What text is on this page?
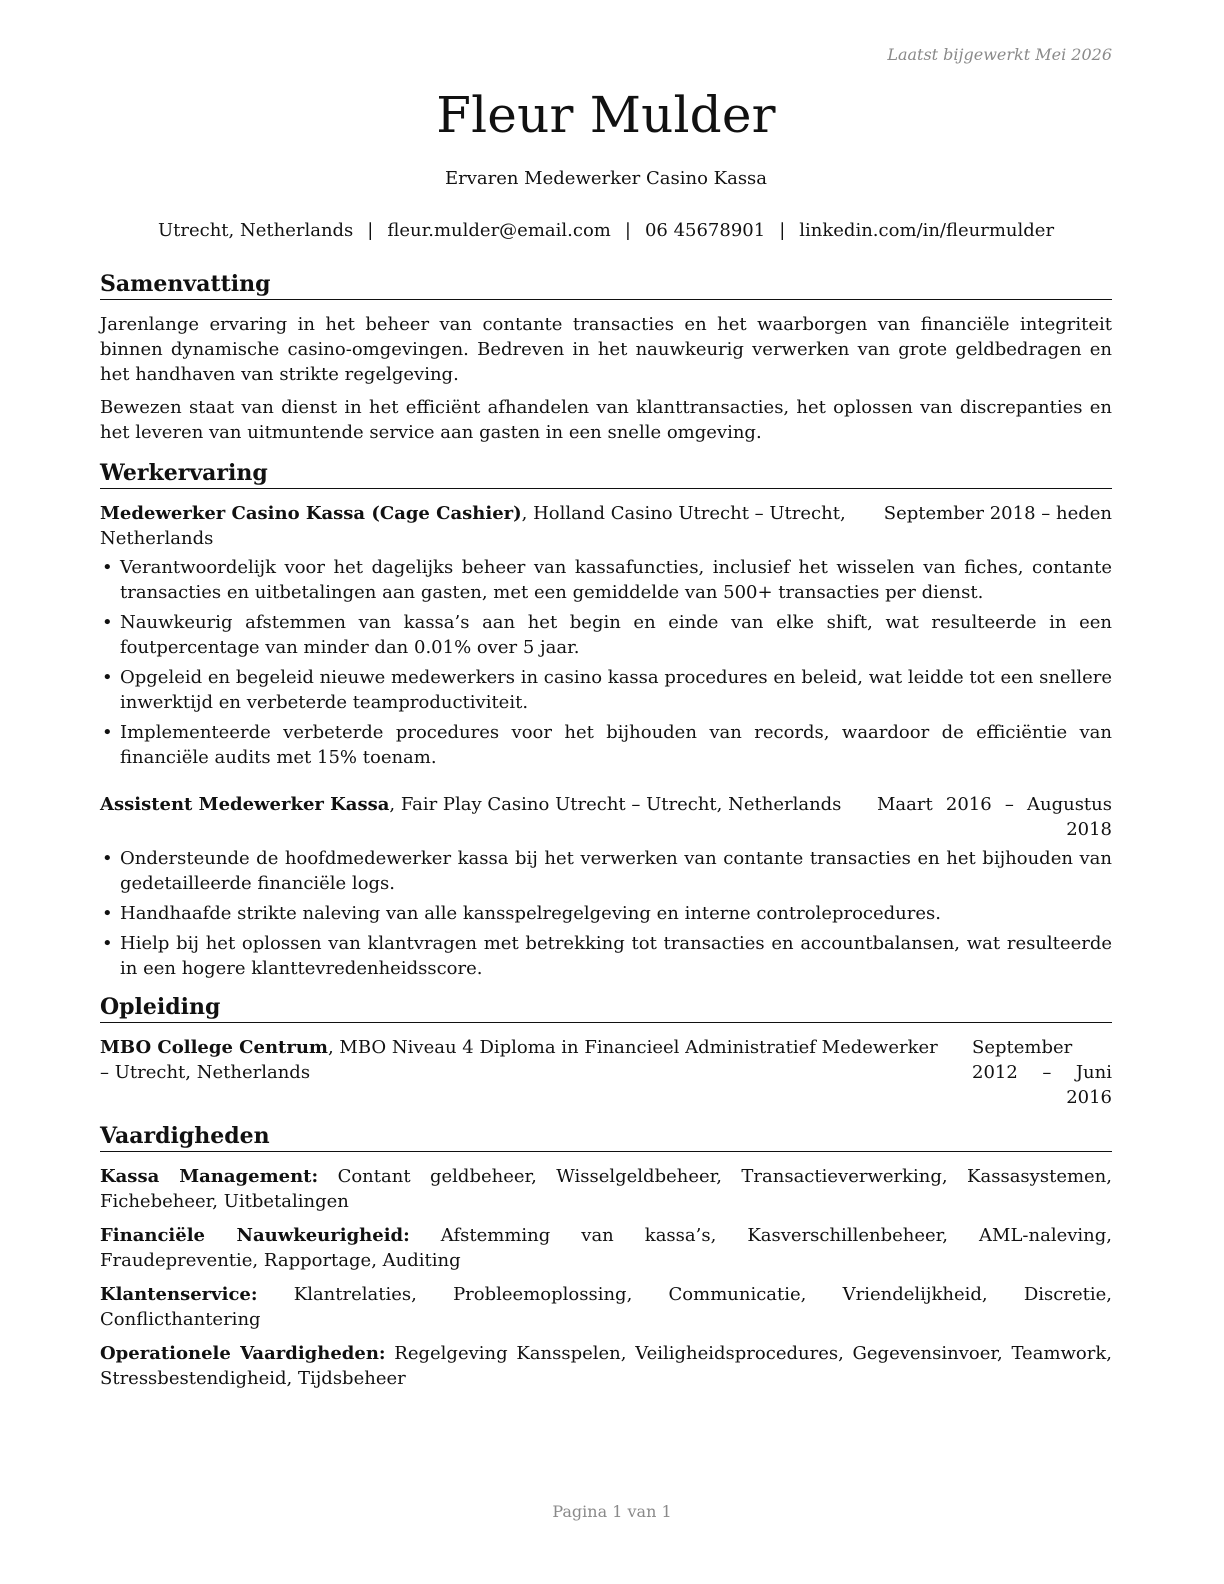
Laatst bijgewerkt Mei 2026
Fleur Mulder
Ervaren Medewerker Casino Kassa
Utrecht, Netherlands | fleur.mulder@email.com | 06 45678901 | linkedin.com/in/fleurmulder
Samenvatting

Jarenlange ervaring in het beheer van contante transacties en het waarborgen van financiële integriteit binnen dynamische casino-omgevingen. Bedreven in het nauwkeurig verwerken van grote geldbedragen en het handhaven van strikte regelgeving.

Bewezen staat van dienst in het efficiënt afhandelen van klanttransacties, het oplossen van discrepanties en het leveren van uitmuntende service aan gasten in een snelle omgeving.

Werkervaring
Medewerker Casino Kassa (Cage Cashier), Holland Casino Utrecht – Utrecht, Netherlands
September 2018 – heden
• Verantwoordelijk voor het dagelijks beheer van kassafuncties, inclusief het wisselen van fiches, contante transacties en uitbetalingen aan gasten, met een gemiddelde van 500+ transacties per dienst.
• Nauwkeurig afstemmen van kassa’s aan het begin en einde van elke shift, wat resulteerde in een foutpercentage van minder dan 0.01% over 5 jaar.
• Opgeleid en begeleid nieuwe medewerkers in casino kassa procedures en beleid, wat leidde tot een snellere inwerktijd en verbeterde teamproductiviteit.
• Implementeerde verbeterde procedures voor het bijhouden van records, waardoor de efficiëntie van financiële audits met 15% toenam.
Assistent Medewerker Kassa, Fair Play Casino Utrecht – Utrecht, Netherlands	Maart 2016 – Augustus 2018
• Ondersteunde de hoofdmedewerker kassa bij het verwerken van contante transacties en het bijhouden van gedetailleerde financiële logs.
• Handhaafde strikte naleving van alle kansspelregelgeving en interne controleprocedures.
• Hielp bij het oplossen van klantvragen met betrekking tot transacties en accountbalansen, wat resulteerde in een hogere klanttevredenheidsscore.
Opleiding
MBO College Centrum, MBO Niveau 4 Diploma in Financieel Administratief Medewerker – Utrecht, Netherlands
September 2012 – Juni 2016
Vaardigheden

Kassa Management: Contant geldbeheer, Wisselgeldbeheer, Transactieverwerking, Kassasystemen, Fichebeheer, Uitbetalingen

Financiële Nauwkeurigheid: Afstemming van kassa’s, Kasverschillenbeheer, AML-naleving, Fraudepreventie, Rapportage, Auditing

Klantenservice: Klantrelaties, Probleemoplossing, Communicatie, Vriendelijkheid, Discretie, Conflicthantering

Operationele Vaardigheden: Regelgeving Kansspelen, Veiligheidsprocedures, Gegevensinvoer, Teamwork, Stressbestendigheid, Tijdsbeheer

Pagina 1 van 1
